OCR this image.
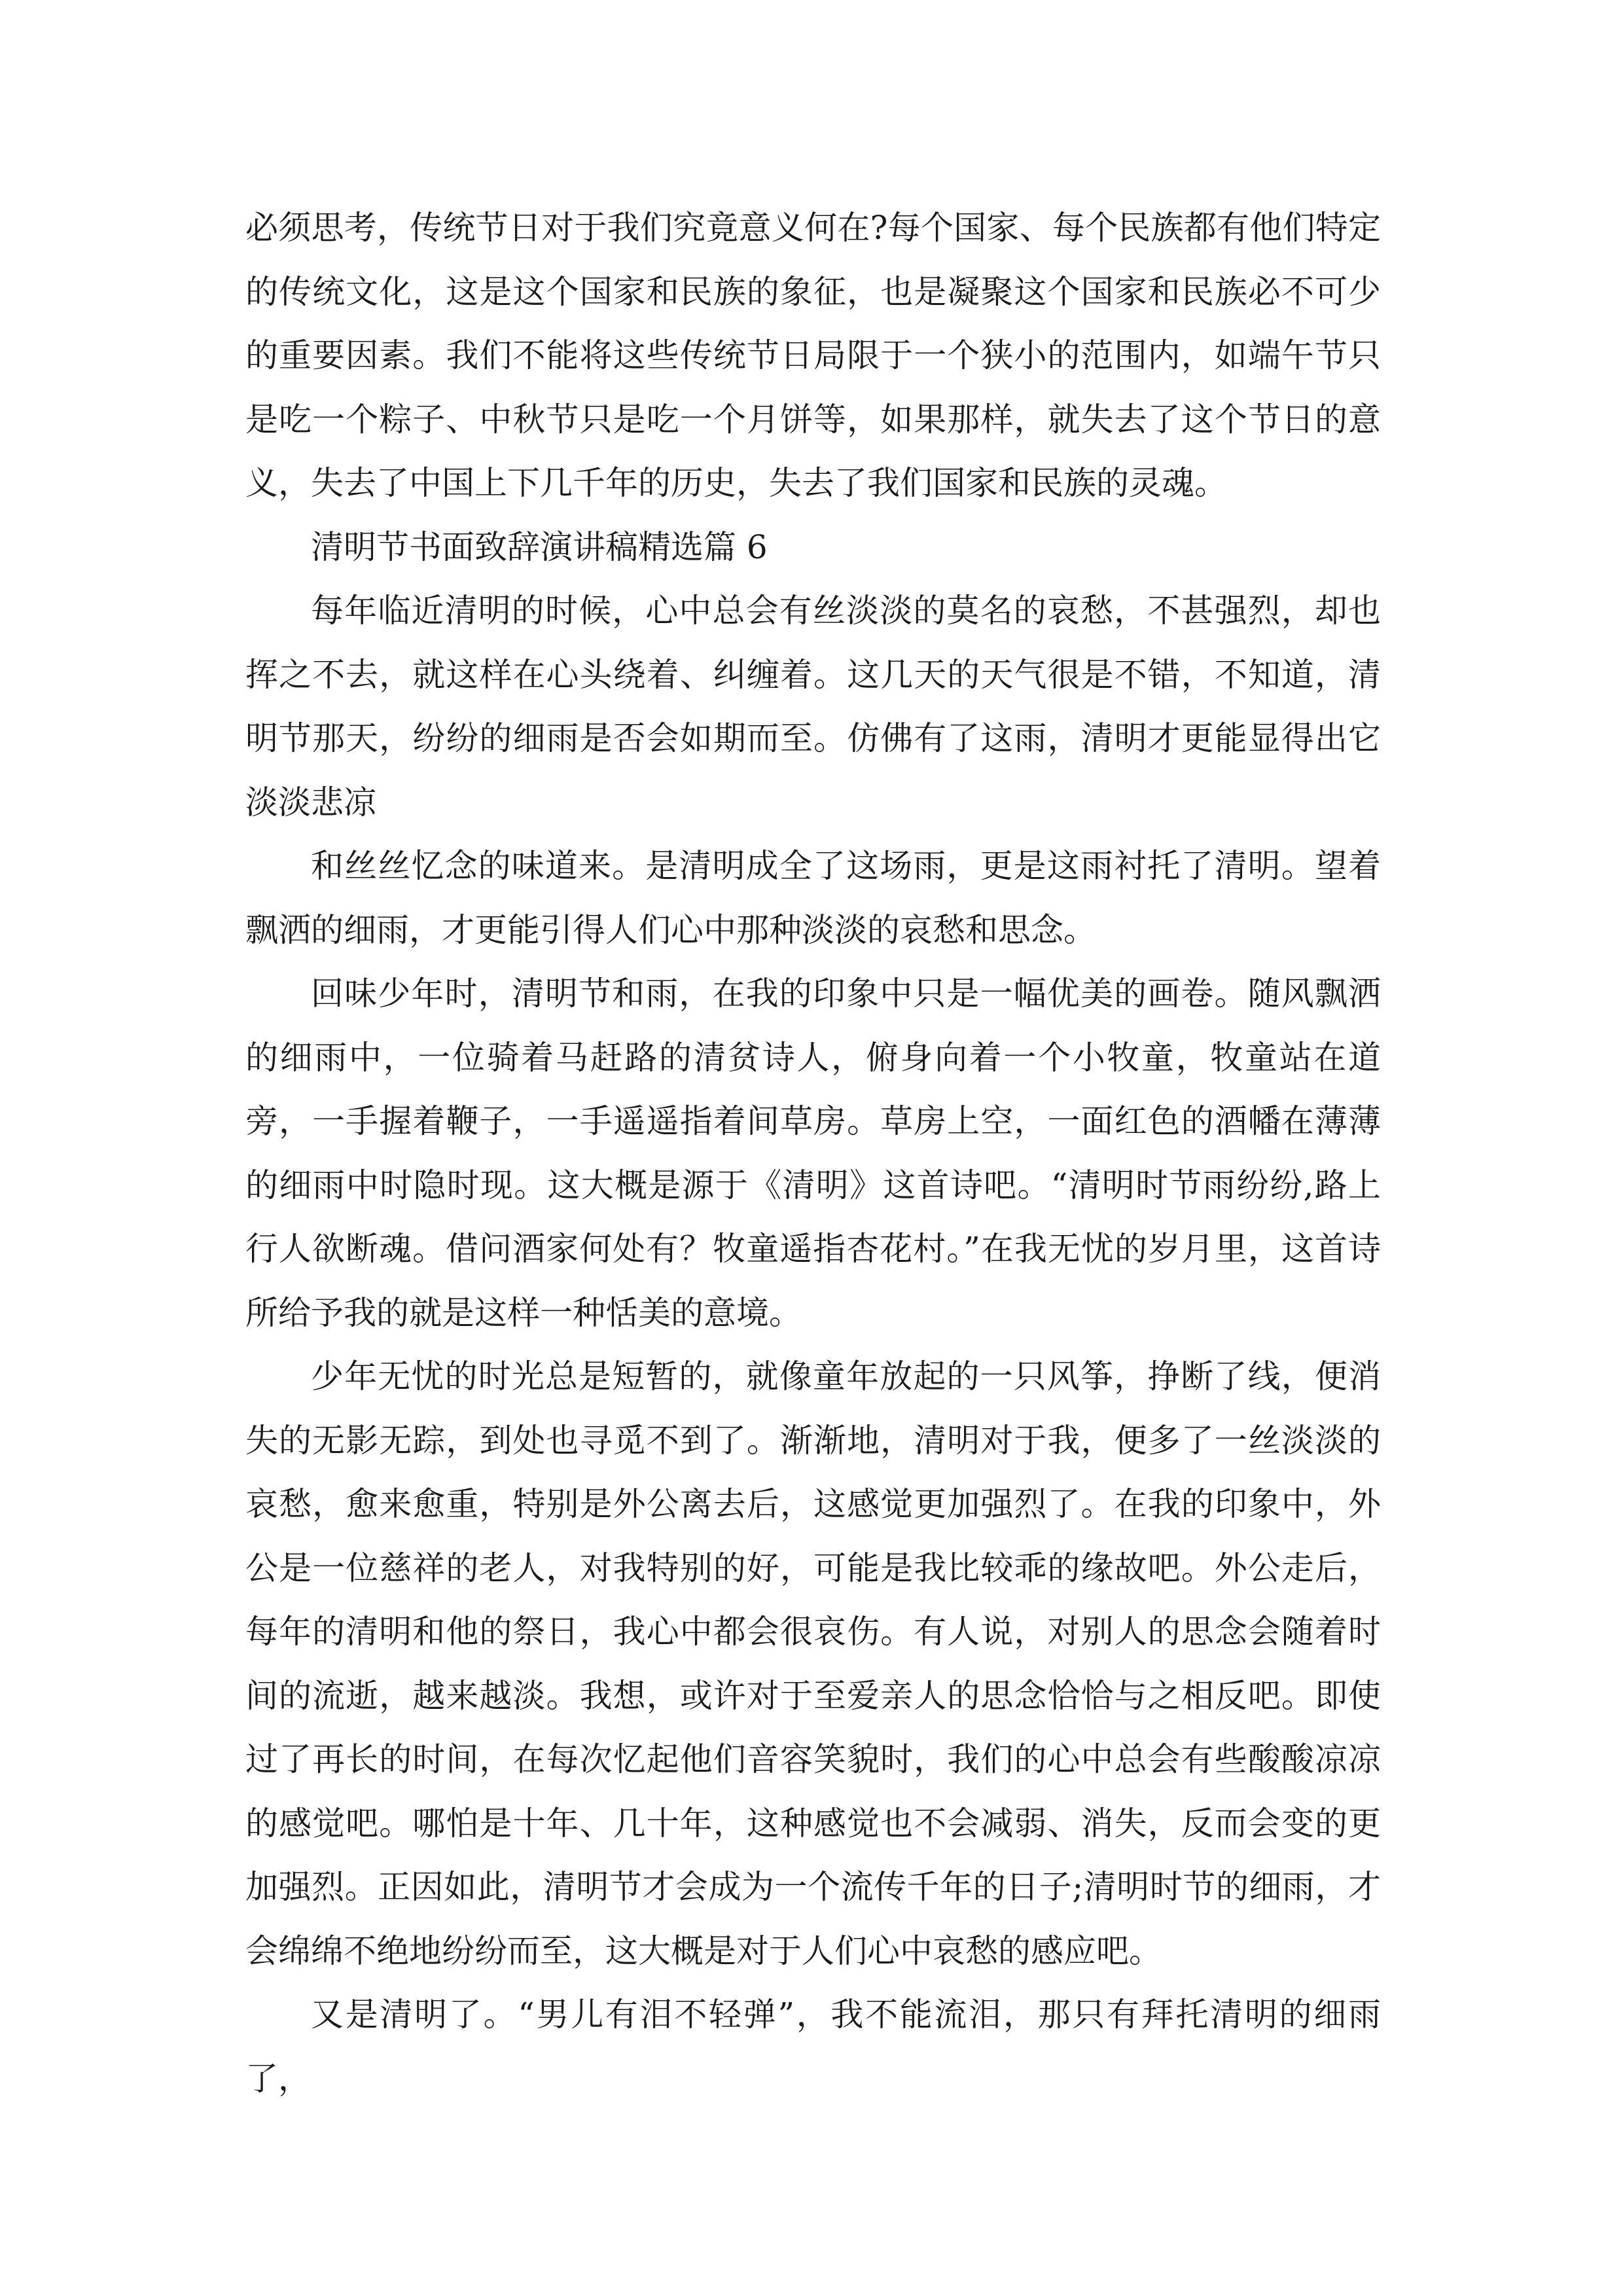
必须思考，传统节日对于我们究竟意义何在?每个国家、每个民族都有他们特定的传统文化，这是这个国家和民族的象征，也是凝聚这个国家和民族必不可少的重要因素。我们不能将这些传统节日局限于一个狭小的范围内，如端午节只是吃一个粽子、中秋节只是吃一个月饼等，如果那样，就失去了这个节日的意义，失去了中国上下几千年的历史，失去了我们国家和民族的灵魂。

清明节书面致辞演讲稿精选篇 6

每年临近清明的时候，心中总会有丝淡淡的莫名的哀愁，不甚强烈，却也挥之不去，就这样在心头绕着、纠缠着。这几天的天气很是不错，不知道，清明节那天，纷纷的细雨是否会如期而至。仿佛有了这雨，清明才更能显得出它淡淡悲凉

和丝丝忆念的味道来。是清明成全了这场雨，更是这雨衬托了清明。望着飘洒的细雨，才更能引得人们心中那种淡淡的哀愁和思念。

回味少年时，清明节和雨，在我的印象中只是一幅优美的画卷。随风飘洒的细雨中，一位骑着马赶路的清贫诗人，俯身向着一个小牧童，牧童站在道旁，一手握着鞭子，一手遥遥指着间草房。草房上空，一面红色的酒幡在薄薄的细雨中时隐时现。这大概是源于《清明》这首诗吧。“清明时节雨纷纷,路上行人欲断魂。借问酒家何处有？牧童遥指杏花村。”在我无忧的岁月里，这首诗所给予我的就是这样一种恬美的意境。

少年无忧的时光总是短暂的，就像童年放起的一只风筝，挣断了线，便消失的无影无踪，到处也寻觅不到了。渐渐地，清明对于我，便多了一丝淡淡的哀愁，愈来愈重，特别是外公离去后，这感觉更加强烈了。在我的印象中，外公是一位慈祥的老人，对我特别的好，可能是我比较乖的缘故吧。外公走后，每年的清明和他的祭日，我心中都会很哀伤。有人说，对别人的思念会随着时间的流逝，越来越淡。我想，或许对于至爱亲人的思念恰恰与之相反吧。即使过了再长的时间，在每次忆起他们音容笑貌时，我们的心中总会有些酸酸凉凉的感觉吧。哪怕是十年、几十年，这种感觉也不会减弱、消失，反而会变的更加强烈。正因如此，清明节才会成为一个流传千年的日子;清明时节的细雨，才会绵绵不绝地纷纷而至，这大概是对于人们心中哀愁的感应吧。

又是清明了。“男儿有泪不轻弹”，我不能流泪，那只有拜托清明的细雨了，
